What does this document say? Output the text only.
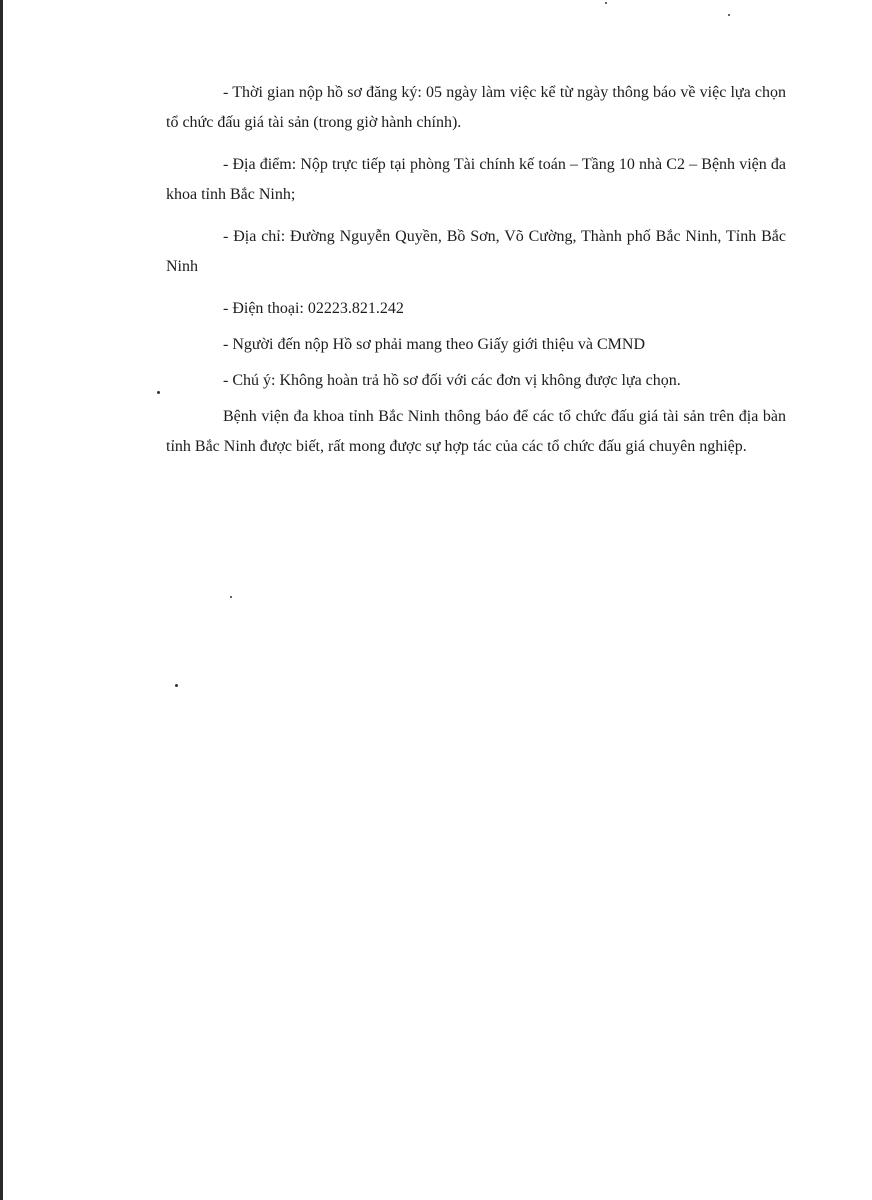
- Thời gian nộp hồ sơ đăng ký: 05 ngày làm việc kể từ ngày thông báo về việc lựa chọn tổ chức đấu giá tài sản (trong giờ hành chính).

- Địa điểm: Nộp trực tiếp tại phòng Tài chính kế toán – Tầng 10 nhà C2 – Bệnh viện đa khoa tỉnh Bắc Ninh;

- Địa chỉ: Đường Nguyễn Quyền, Bồ Sơn, Võ Cường, Thành phố Bắc Ninh, Tỉnh Bắc Ninh

- Điện thoại: 02223.821.242

- Người đến nộp Hồ sơ phải mang theo Giấy giới thiệu và CMND

- Chú ý: Không hoàn trả hồ sơ đối với các đơn vị không được lựa chọn.

Bệnh viện đa khoa tỉnh Bắc Ninh thông báo để các tổ chức đấu giá tài sản trên địa bàn tỉnh Bắc Ninh được biết, rất mong được sự hợp tác của các tổ chức đấu giá chuyên nghiệp.
